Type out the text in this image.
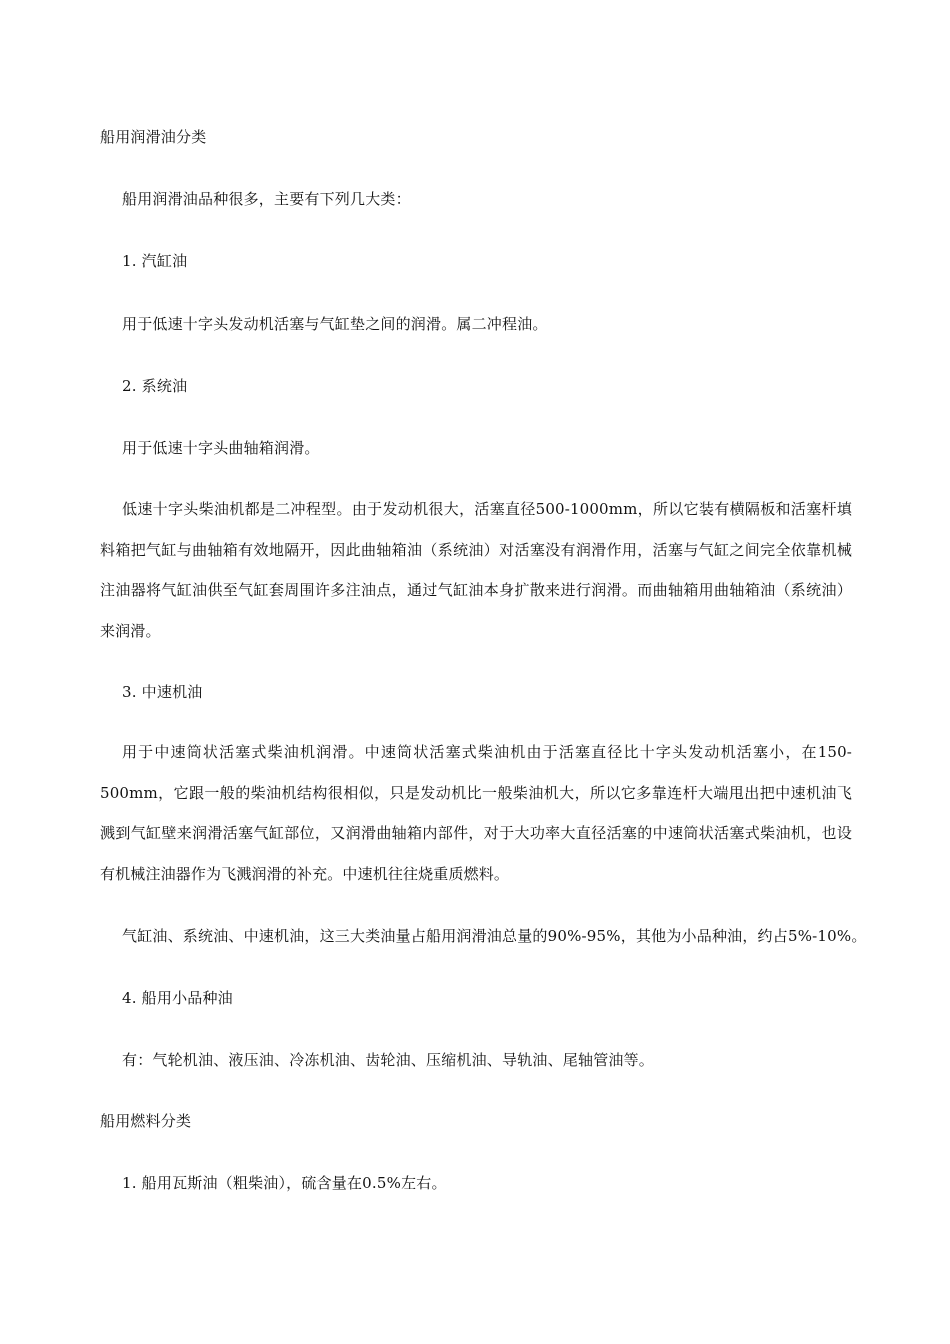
船用润滑油分类
船用润滑油品种很多，主要有下列几大类：
1. 汽缸油
用于低速十字头发动机活塞与气缸垫之间的润滑。属二冲程油。
2. 系统油
用于低速十字头曲轴箱润滑。
低速十字头柴油机都是二冲程型。由于发动机很大，活塞直径500-1000mm，所以它装有横隔板和活塞杆填料箱把气缸与曲轴箱有效地隔开，因此曲轴箱油（系统油）对活塞没有润滑作用，活塞与气缸之间完全依靠机械注油器将气缸油供至气缸套周围许多注油点，通过气缸油本身扩散来进行润滑。而曲轴箱用曲轴箱油（系统油）来润滑。
3. 中速机油
用于中速筒状活塞式柴油机润滑。中速筒状活塞式柴油机由于活塞直径比十字头发动机活塞小，在150-500mm，它跟一般的柴油机结构很相似，只是发动机比一般柴油机大，所以它多靠连杆大端甩出把中速机油飞溅到气缸壁来润滑活塞气缸部位，又润滑曲轴箱内部件，对于大功率大直径活塞的中速筒状活塞式柴油机，也设有机械注油器作为飞溅润滑的补充。中速机往往烧重质燃料。
气缸油、系统油、中速机油，这三大类油量占船用润滑油总量的90%-95%，其他为小品种油，约占5%-10%。
4. 船用小品种油
有：气轮机油、液压油、冷冻机油、齿轮油、压缩机油、导轨油、尾轴管油等。
船用燃料分类
1. 船用瓦斯油（粗柴油），硫含量在0.5%左右。
